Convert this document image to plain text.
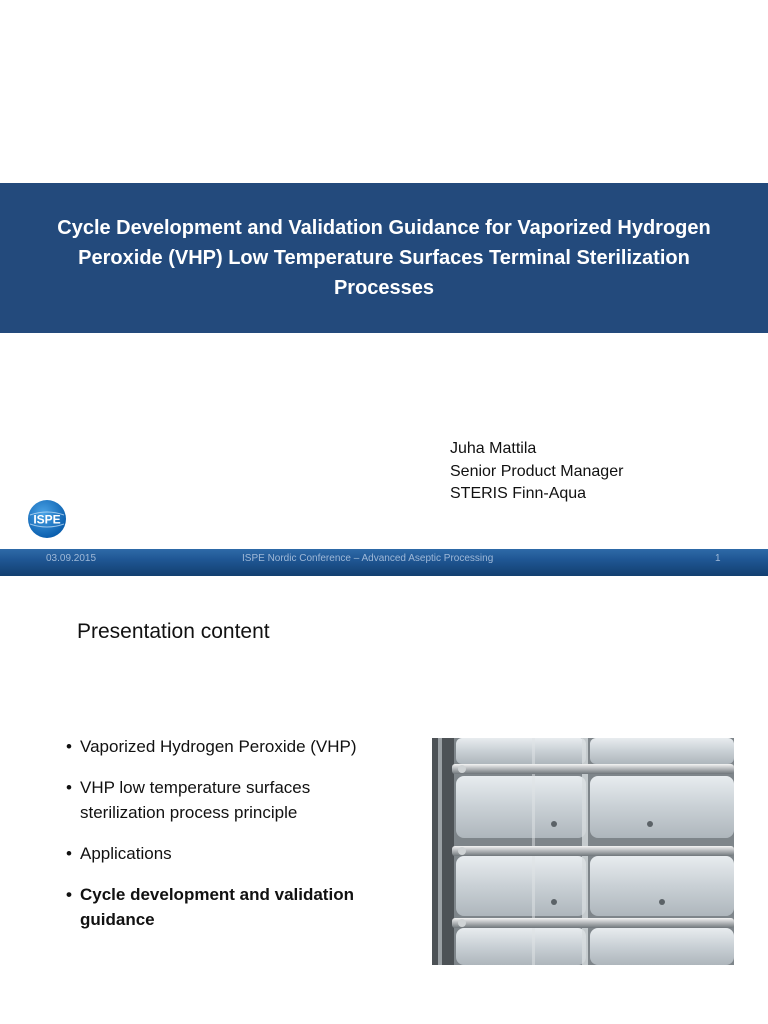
Cycle Development and Validation Guidance for Vaporized Hydrogen Peroxide (VHP) Low Temperature Surfaces Terminal Sterilization Processes
Juha Mattila
Senior Product Manager
STERIS Finn-Aqua
ISPE
03.09.2015	ISPE Nordic Conference – Advanced Aseptic Processing	1
Presentation content
• Vaporized Hydrogen Peroxide (VHP)
• VHP low temperature surfaces sterilization process principle
• Applications
• Cycle development and validation guidance
